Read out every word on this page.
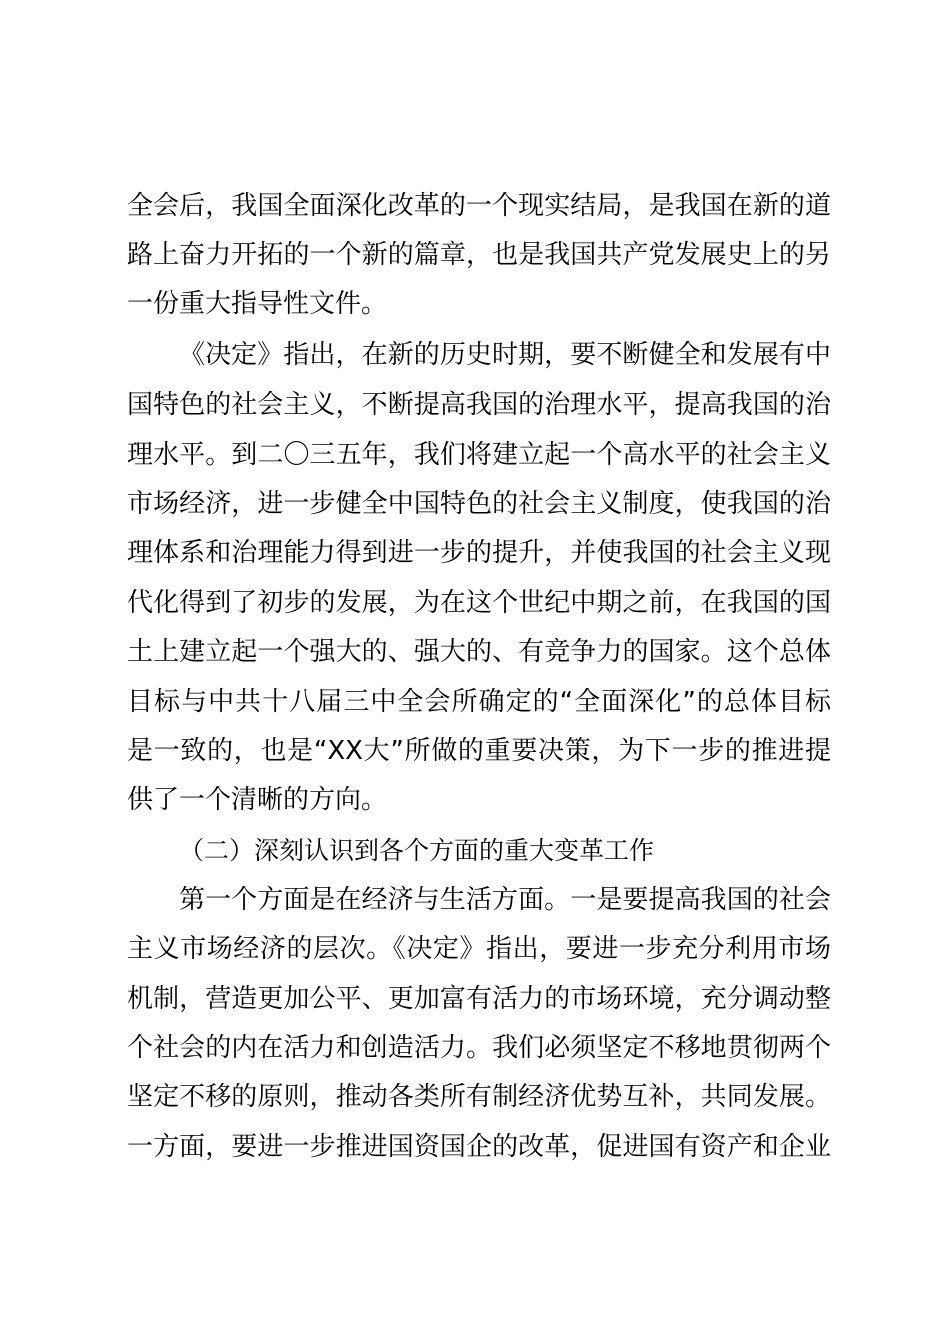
全会后，我国全面深化改革的一个现实结局，是我国在新的道
路上奋力开拓的一个新的篇章，也是我国共产党发展史上的另
一份重大指导性文件。
《决定》指出，在新的历史时期，要不断健全和发展有中
国特色的社会主义，不断提高我国的治理水平，提高我国的治
理水平。到二〇三五年，我们将建立起一个高水平的社会主义
市场经济，进一步健全中国特色的社会主义制度，使我国的治
理体系和治理能力得到进一步的提升，并使我国的社会主义现
代化得到了初步的发展，为在这个世纪中期之前，在我国的国
土上建立起一个强大的、强大的、有竞争力的国家。这个总体
目标与中共十八届三中全会所确定的“全面深化”的总体目标
是一致的，也是“XX大”所做的重要决策，为下一步的推进提
供了一个清晰的方向。
（二）深刻认识到各个方面的重大变革工作
第一个方面是在经济与生活方面。一是要提高我国的社会
主义市场经济的层次。《决定》指出，要进一步充分利用市场
机制，营造更加公平、更加富有活力的市场环境，充分调动整
个社会的内在活力和创造活力。我们必须坚定不移地贯彻两个
坚定不移的原则，推动各类所有制经济优势互补，共同发展。
一方面，要进一步推进国资国企的改革，促进国有资产和企业
